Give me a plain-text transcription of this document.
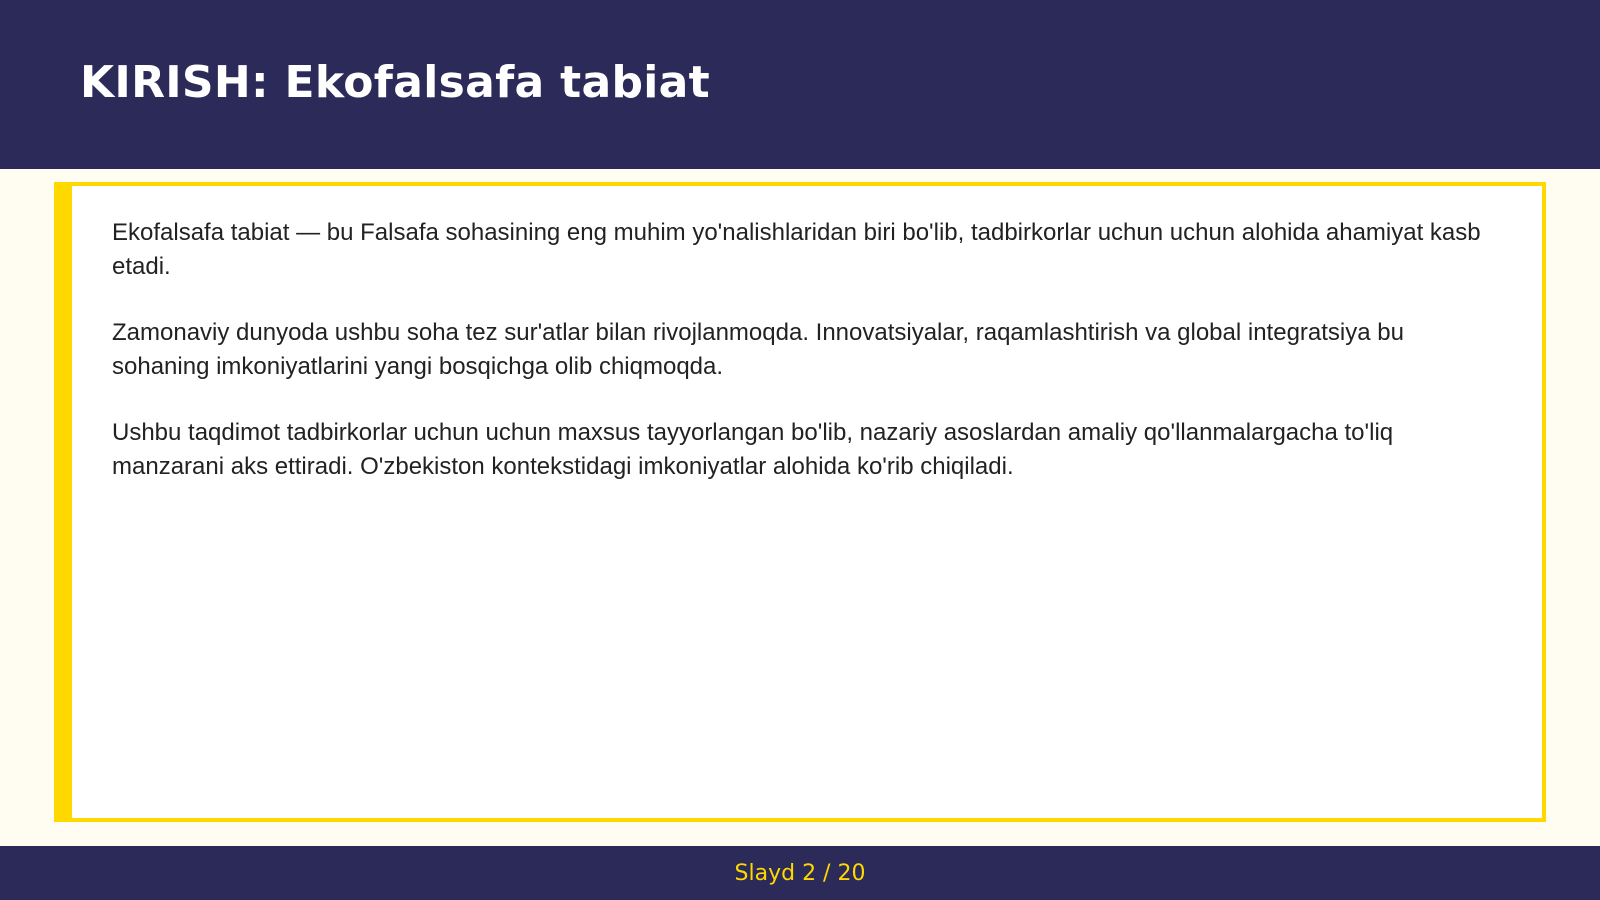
KIRISH: Ekofalsafa tabiat

Ekofalsafa tabiat — bu Falsafa sohasining eng muhim yo'nalishlaridan biri bo'lib, tadbirkorlar uchun uchun alohida ahamiyat kasb etadi.

Zamonaviy dunyoda ushbu soha tez sur'atlar bilan rivojlanmoqda. Innovatsiyalar, raqamlashtirish va global integratsiya bu sohaning imkoniyatlarini yangi bosqichga olib chiqmoqda.

Ushbu taqdimot tadbirkorlar uchun uchun maxsus tayyorlangan bo'lib, nazariy asoslardan amaliy qo'llanmalargacha to'liq manzarani aks ettiradi. O'zbekiston kontekstidagi imkoniyatlar alohida ko'rib chiqiladi.

Slayd 2 / 20
